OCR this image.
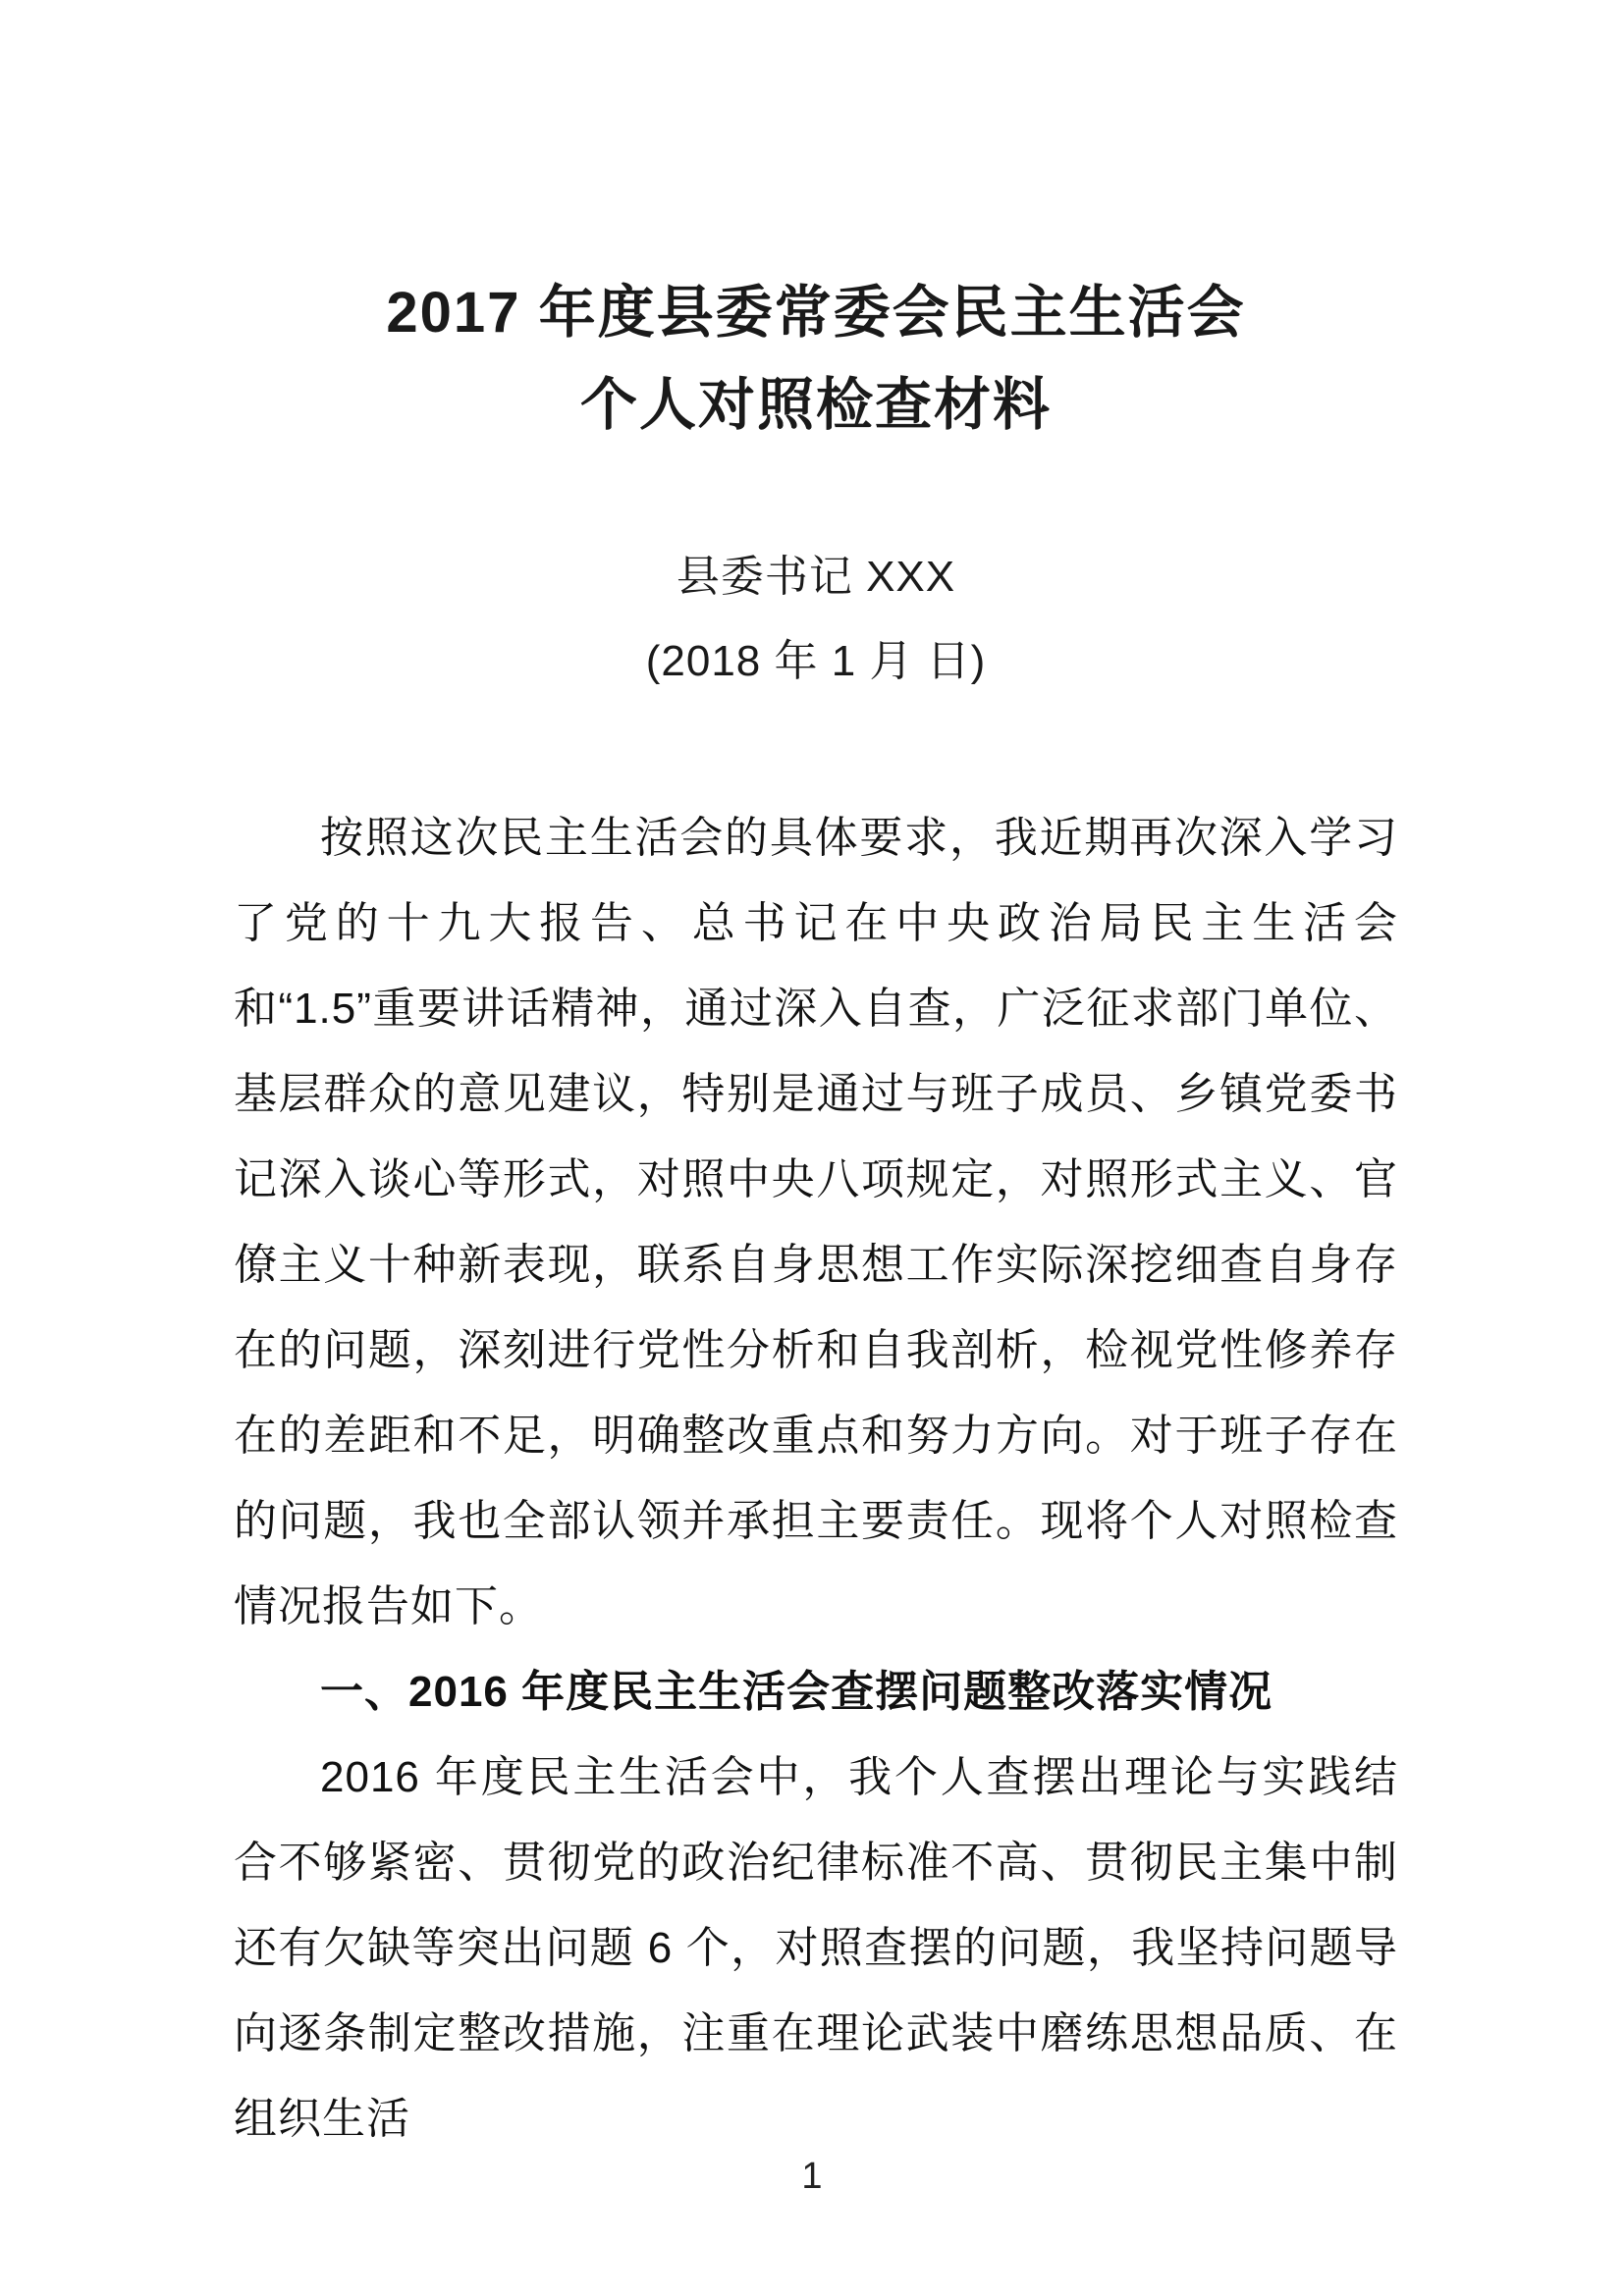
2017 年度县委常委会民主生活会
个人对照检查材料

县委书记 XXX

(2018 年 1 月 日)

按照这次民主生活会的具体要求，我近期再次深入学习了党的十九大报告、总书记在中央政治局民主生活会和“1.5”重要讲话精神，通过深入自查，广泛征求部门单位、基层群众的意见建议，特别是通过与班子成员、乡镇党委书记深入谈心等形式，对照中央八项规定，对照形式主义、官僚主义十种新表现，联系自身思想工作实际深挖细查自身存在的问题，深刻进行党性分析和自我剖析，检视党性修养存在的差距和不足，明确整改重点和努力方向。对于班子存在的问题，我也全部认领并承担主要责任。现将个人对照检查情况报告如下。

一、2016 年度民主生活会查摆问题整改落实情况

2016 年度民主生活会中，我个人查摆出理论与实践结合不够紧密、贯彻党的政治纪律标准不高、贯彻民主集中制还有欠缺等突出问题 6 个，对照查摆的问题，我坚持问题导向逐条制定整改措施，注重在理论武装中磨练思想品质、在组织生活

1
